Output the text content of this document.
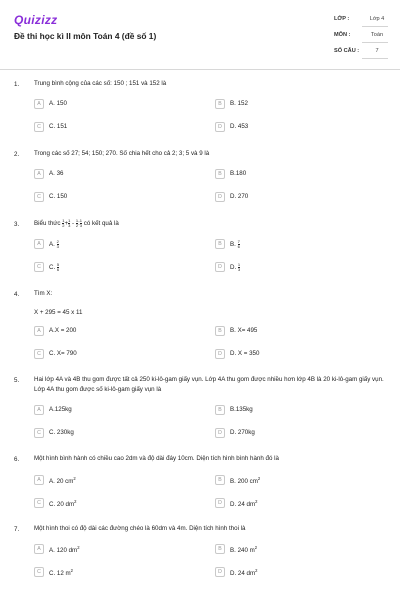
Quizizz
Đề thi học kì II môn Toán 4 (đề số 1)
LỚP :	Lớp 4
MÔN :	Toán
SỐ CÂU :	7
1. Trung bình cộng của các số: 150 ; 151 và 152 là
A	A. 150	B	B. 152
C	C. 151	D	D. 453
2. Trong các số 27; 54; 150; 270. Số chia hết cho cả 2; 3; 5 và 9 là
A	A. 36	B	B.180
C	C. 150	D	D. 270
3. Biểu thức $\frac{1}{2} + \frac{1}{3} - \frac{1}{2}$ : $\frac{1}{3}$ có kết quả là
A	A. $\frac{2}{3}$	B	B. $\frac{7}{6}$
C	C. $\frac{5}{6}$	D	D. $\frac{1}{3}$
4. Tìm X:
X + 295 = 45 x 11
A	A.X = 200	B	B. X= 495
C	C. X= 790	D	D. X = 350
5. Hai lớp 4A và 4B thu gom được tất cả 250 ki-lô-gam giấy vụn. Lớp 4A thu gom được nhiều hơn lớp 4B là 20 ki-lô-gam giấy vụn. Lớp 4A thu gom được số ki-lô-gam giấy vụn là
A	A.125kg	B	B.135kg
C	C. 230kg	D	D. 270kg
6. Một hình bình hành có chiều cao 2dm và độ dài đáy 10cm. Diện tích hình bình hành đó là
A	A. 20 $cm^2$	B	B. 200 $cm^2$
C	C. 20 $dm^2$	D	D. 24 $dm^2$
7. Một hình thoi có độ dài các đường chéo là 60dm và 4m. Diện tích hình thoi là
A	A. 120 $dm^2$	B	B. 240 $m^2$
C	C. 12 $m^2$	D	D. 24 $dm^2$
